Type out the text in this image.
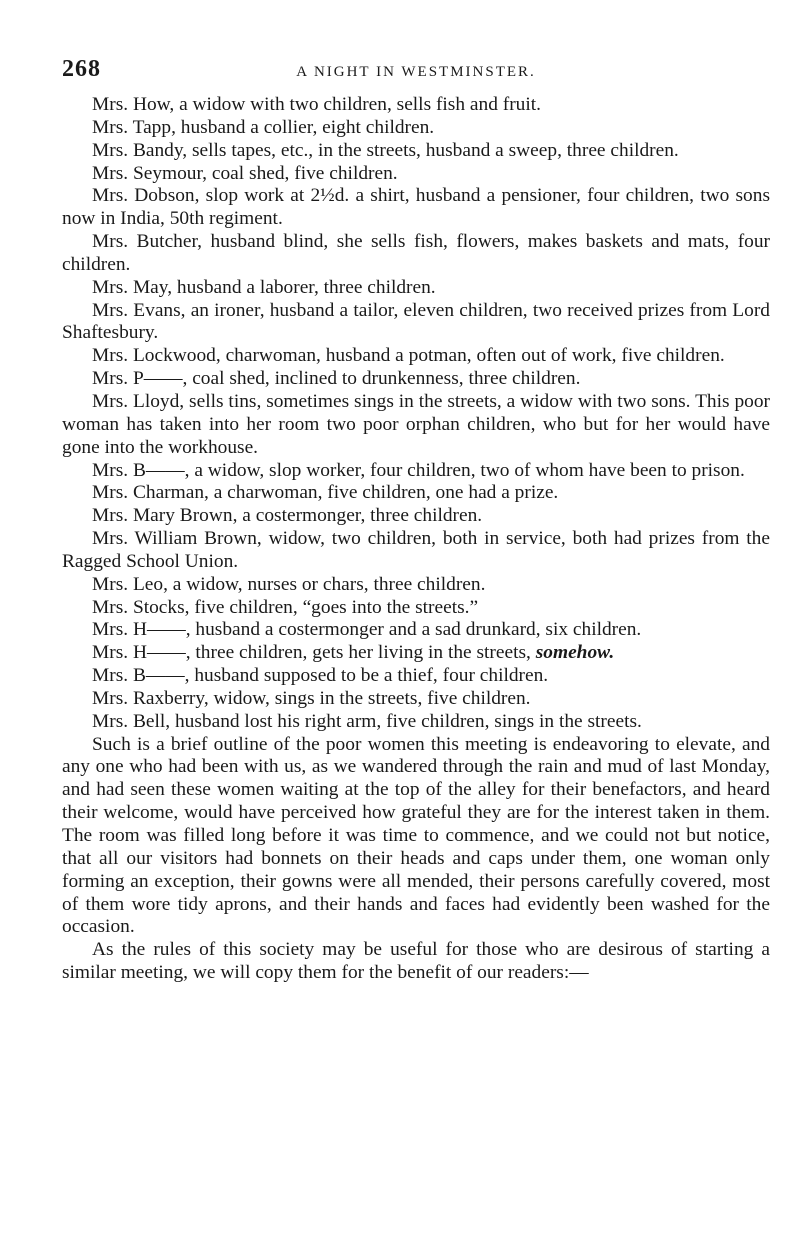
268	A NIGHT IN WESTMINSTER.

Mrs. How, a widow with two children, sells fish and fruit.

Mrs. Tapp, husband a collier, eight children.

Mrs. Bandy, sells tapes, etc., in the streets, husband a sweep, three children.

Mrs. Seymour, coal shed, five children.

Mrs. Dobson, slop work at 2½d. a shirt, husband a pensioner, four children, two sons now in India, 50th regiment.

Mrs. Butcher, husband blind, she sells fish, flowers, makes baskets and mats, four children.

Mrs. May, husband a laborer, three children.

Mrs. Evans, an ironer, husband a tailor, eleven children, two received prizes from Lord Shaftesbury.

Mrs. Lockwood, charwoman, husband a potman, often out of work, five children.

Mrs. P——, coal shed, inclined to drunkenness, three children.

Mrs. Lloyd, sells tins, sometimes sings in the streets, a widow with two sons. This poor woman has taken into her room two poor orphan children, who but for her would have gone into the workhouse.

Mrs. B——, a widow, slop worker, four children, two of whom have been to prison.

Mrs. Charman, a charwoman, five children, one had a prize.

Mrs. Mary Brown, a costermonger, three children.

Mrs. William Brown, widow, two children, both in service, both had prizes from the Ragged School Union.

Mrs. Leo, a widow, nurses or chars, three children.

Mrs. Stocks, five children, “goes into the streets.”

Mrs. H——, husband a costermonger and a sad drunkard, six children.

Mrs. H——, three children, gets her living in the streets, somehow.

Mrs. B——, husband supposed to be a thief, four children.

Mrs. Raxberry, widow, sings in the streets, five children.

Mrs. Bell, husband lost his right arm, five children, sings in the streets.

Such is a brief outline of the poor women this meeting is endeavoring to elevate, and any one who had been with us, as we wandered through the rain and mud of last Monday, and had seen these women waiting at the top of the alley for their benefactors, and heard their welcome, would have perceived how grateful they are for the interest taken in them. The room was filled long before it was time to commence, and we could not but notice, that all our visitors had bonnets on their heads and caps under them, one woman only forming an exception, their gowns were all mended, their persons carefully covered, most of them wore tidy aprons, and their hands and faces had evidently been washed for the occasion.

As the rules of this society may be useful for those who are desirous of starting a similar meeting, we will copy them for the benefit of our readers:—
